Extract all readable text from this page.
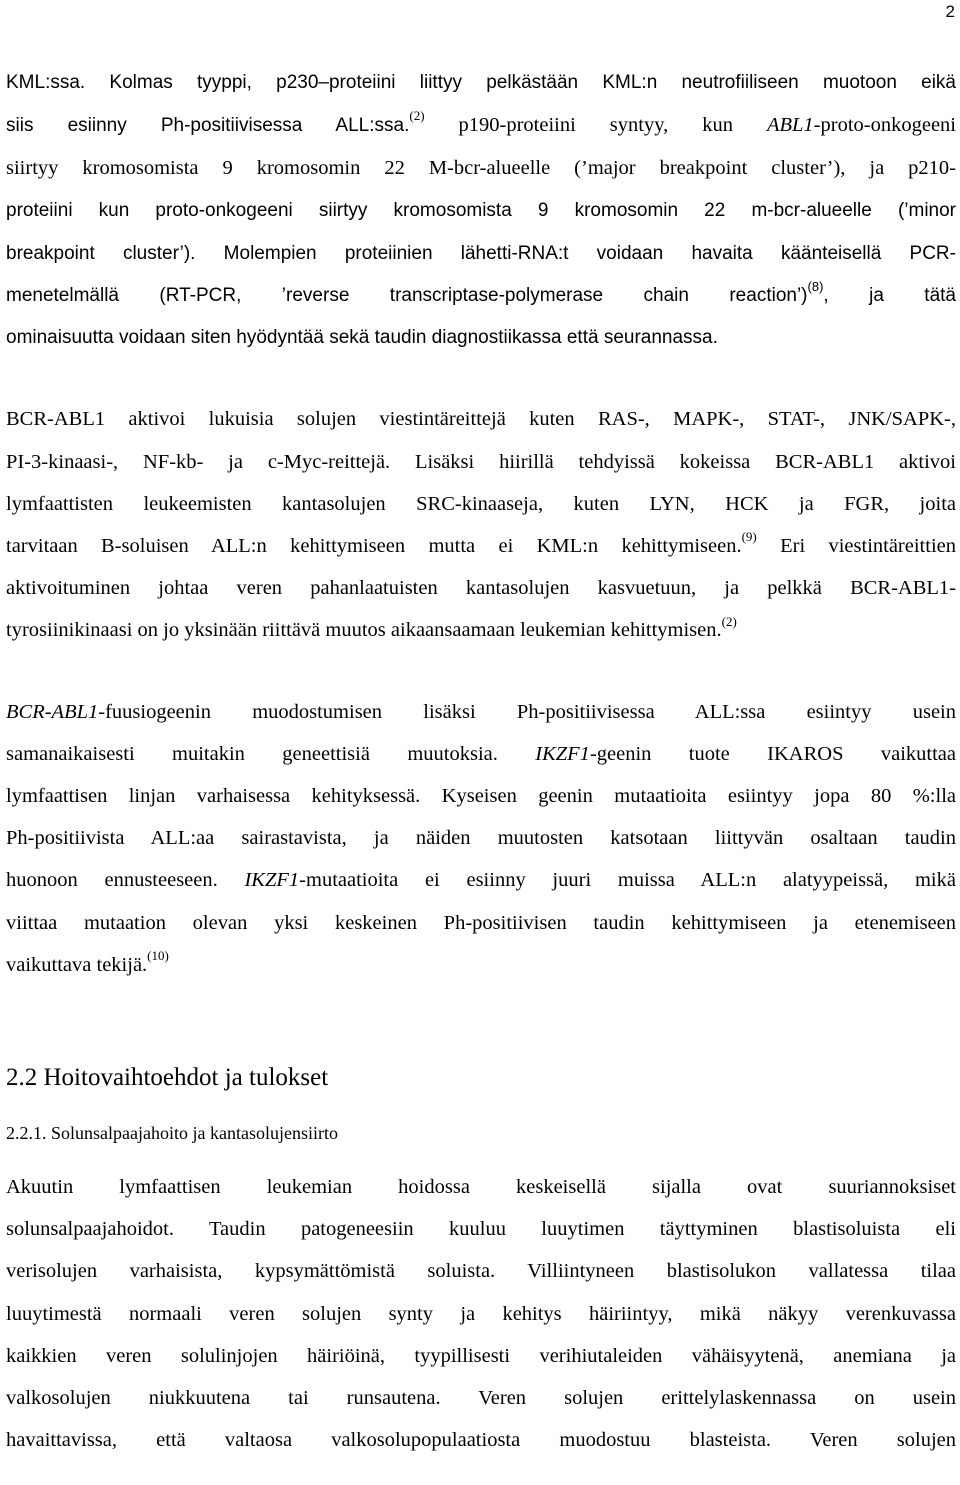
2

KML:ssa. Kolmas tyyppi, p230–proteiini liittyy pelkästään KML:n neutrofiiliseen muotoon eikä
siis esiinny Ph-positiivisessa ALL:ssa.$^{(2)}$ p190-proteiini syntyy, kun ABL1-proto-onkogeeni
siirtyy kromosomista 9 kromosomin 22 M-bcr-alueelle (’major breakpoint cluster’), ja p210-
proteiini kun proto-onkogeeni siirtyy kromosomista 9 kromosomin 22 m-bcr-alueelle (’minor
breakpoint cluster’). Molempien proteiinien lähetti-RNA:t voidaan havaita käänteisellä PCR-
menetelmällä (RT-PCR, ’reverse transcriptase-polymerase chain reaction’)$^{(8)}$, ja tätä
ominaisuutta voidaan siten hyödyntää sekä taudin diagnostiikassa että seurannassa.

BCR-ABL1 aktivoi lukuisia solujen viestintäreittejä kuten RAS-, MAPK-, STAT-, JNK/SAPK-,
PI-3-kinaasi-, NF-kb- ja c-Myc-reittejä. Lisäksi hiirillä tehdyissä kokeissa BCR-ABL1 aktivoi
lymfaattisten leukeemisten kantasolujen SRC-kinaaseja, kuten LYN, HCK ja FGR, joita
tarvitaan B-soluisen ALL:n kehittymiseen mutta ei KML:n kehittymiseen.$^{(9)}$ Eri viestintäreittien
aktivoituminen johtaa veren pahanlaatuisten kantasolujen kasvuetuun, ja pelkkä BCR-ABL1-
tyrosiinikinaasi on jo yksinään riittävä muutos aikaansaamaan leukemian kehittymisen.$^{(2)}$

BCR-ABL1-fuusiogeenin muodostumisen lisäksi Ph-positiivisessa ALL:ssa esiintyy usein
samanaikaisesti muitakin geneettisiä muutoksia. IKZF1-geenin tuote IKAROS vaikuttaa
lymfaattisen linjan varhaisessa kehityksessä. Kyseisen geenin mutaatioita esiintyy jopa 80 %:lla
Ph-positiivista ALL:aa sairastavista, ja näiden muutosten katsotaan liittyvän osaltaan taudin
huonoon ennusteeseen. IKZF1-mutaatioita ei esiinny juuri muissa ALL:n alatyypeissä, mikä
viittaa mutaation olevan yksi keskeinen Ph-positiivisen taudin kehittymiseen ja etenemiseen
vaikuttava tekijä.$^{(10)}$

2.2 Hoitovaihtoehdot ja tulokset
2.2.1. Solunsalpaajahoito ja kantasolujensiirto

Akuutin lymfaattisen leukemian hoidossa keskeisellä sijalla ovat suuriannoksiset
solunsalpaajahoidot. Taudin patogeneesiin kuuluu luuytimen täyttyminen blastisoluista eli
verisolujen varhaisista, kypsymättömistä soluista. Villiintyneen blastisolukon vallatessa tilaa
luuytimestä normaali veren solujen synty ja kehitys häiriintyy, mikä näkyy verenkuvassa
kaikkien veren solulinjojen häiriöinä, tyypillisesti verihiutaleiden vähäisyytenä, anemiana ja
valkosolujen niukkuutena tai runsautena. Veren solujen erittelylaskennassa on usein
havaittavissa, että valtaosa valkosolupopulaatiosta muodostuu blasteista. Veren solujen
